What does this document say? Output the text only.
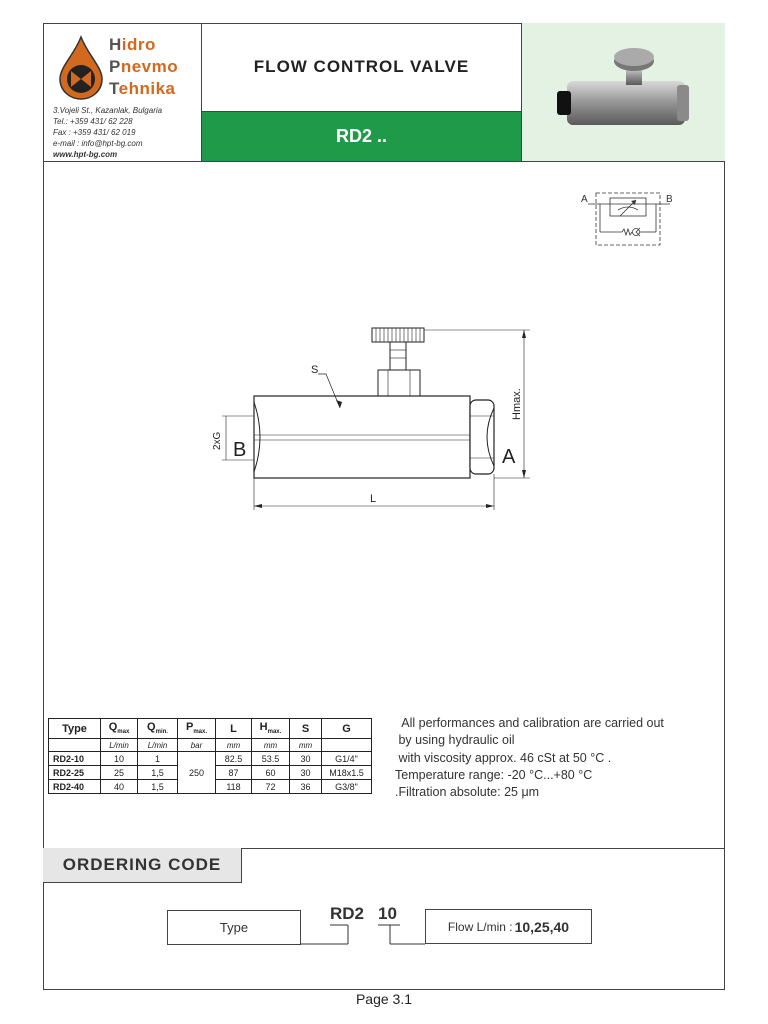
Hidro
Pnevmo
Tehnika
3.Vojeli St., Kazanlak, Bulgaria
Tel.: +359 431/ 62 228
Fax : +359 431/ 62 019
e-mail : info@hpt-bg.com
www.hpt-bg.com
FLOW CONTROL VALVE
RD2 ..
A	B
S
2xG B	A
L
Hmax.
Type	$Q_{max}$	$Q_{min.}$	$P_{max.}$	L	$H_{max.}$	S	G
	L/min	L/min	bar	mm	mm	mm	
RD2-10	10	1	250	82.5	53.5	30	G1/4"
RD2-25	25	1,5		87	60	30	M18x1.5
RD2-40	40	1,5		118	72	36	G3/8"
All performances and calibration are carried out
by using hydraulic oil
with viscosity approx. 46 cSt at 50 °C .
Temperature range: -20 °C...+80 °C
.Filtration absolute: 25 μm
ORDERING CODE
Type
RD2 10
Flow L/min : 10,25,40
Page 3.1
